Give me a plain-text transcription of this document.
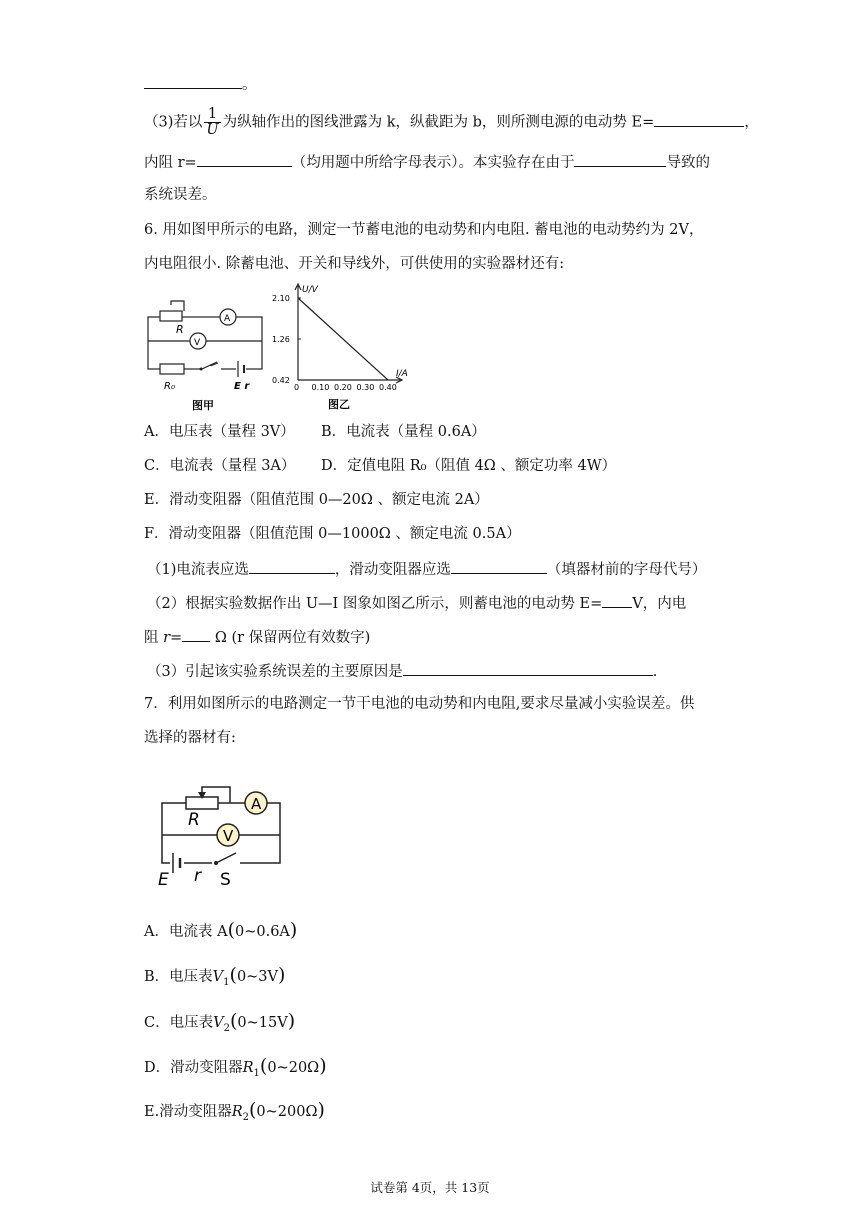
。
（3)若以 $\frac{1}{U}$ 为纵轴作出的图线泄露为 k，纵截距为 b，则所测电源的电动势 E=	，
内阻 r=	（均用题中所给字母表示）。本实验存在由于	导致的
系统误差。
6. 用如图甲所示的电路，测定一节蓄电池的电动势和内电阻. 蓄电池的电动势约为 2V，
内电阻很小. 除蓄电池、开关和导线外，可供使用的实验器材还有:
R
A
V
R₀	E r
图甲
2.10
1.26
0.42
0 0.10 0.20 0.30 0.40
U/V
I/A
图乙
A．电压表（量程 3V） B．电流表（量程 0.6A）
C．电流表（量程 3A） D．定值电阻 R₀（阻值 4Ω 、额定功率 4W）
E．滑动变阻器（阻值范围 0—20Ω 、额定电流 2A）
F．滑动变阻器（阻值范围 0—1000Ω 、额定电流 0.5A）
（1)电流表应选	，滑动变阻器应选	（填器材前的字母代号）
（2）根据实验数据作出 U—I 图象如图乙所示，则蓄电池的电动势 E= V，内电
阻 r= Ω (r 保留两位有效数字)
（3）引起该实验系统误差的主要原因是	.
7．利用如图所示的电路测定一节干电池的电动势和内电阻,要求尽量减小实验误差。供
选择的器材有:
A
V
R
E r S
A．电流表 A(0~0.6A)
B．电压表$V_1(0\sim 3V)$
C．电压表$V_2(0\sim 15V)$
D．滑动变阻器$R_1(0\sim 20\Omega)$
E.滑动变阻器$R_2(0\sim 200\Omega)$
试卷第 4页，共 13页
